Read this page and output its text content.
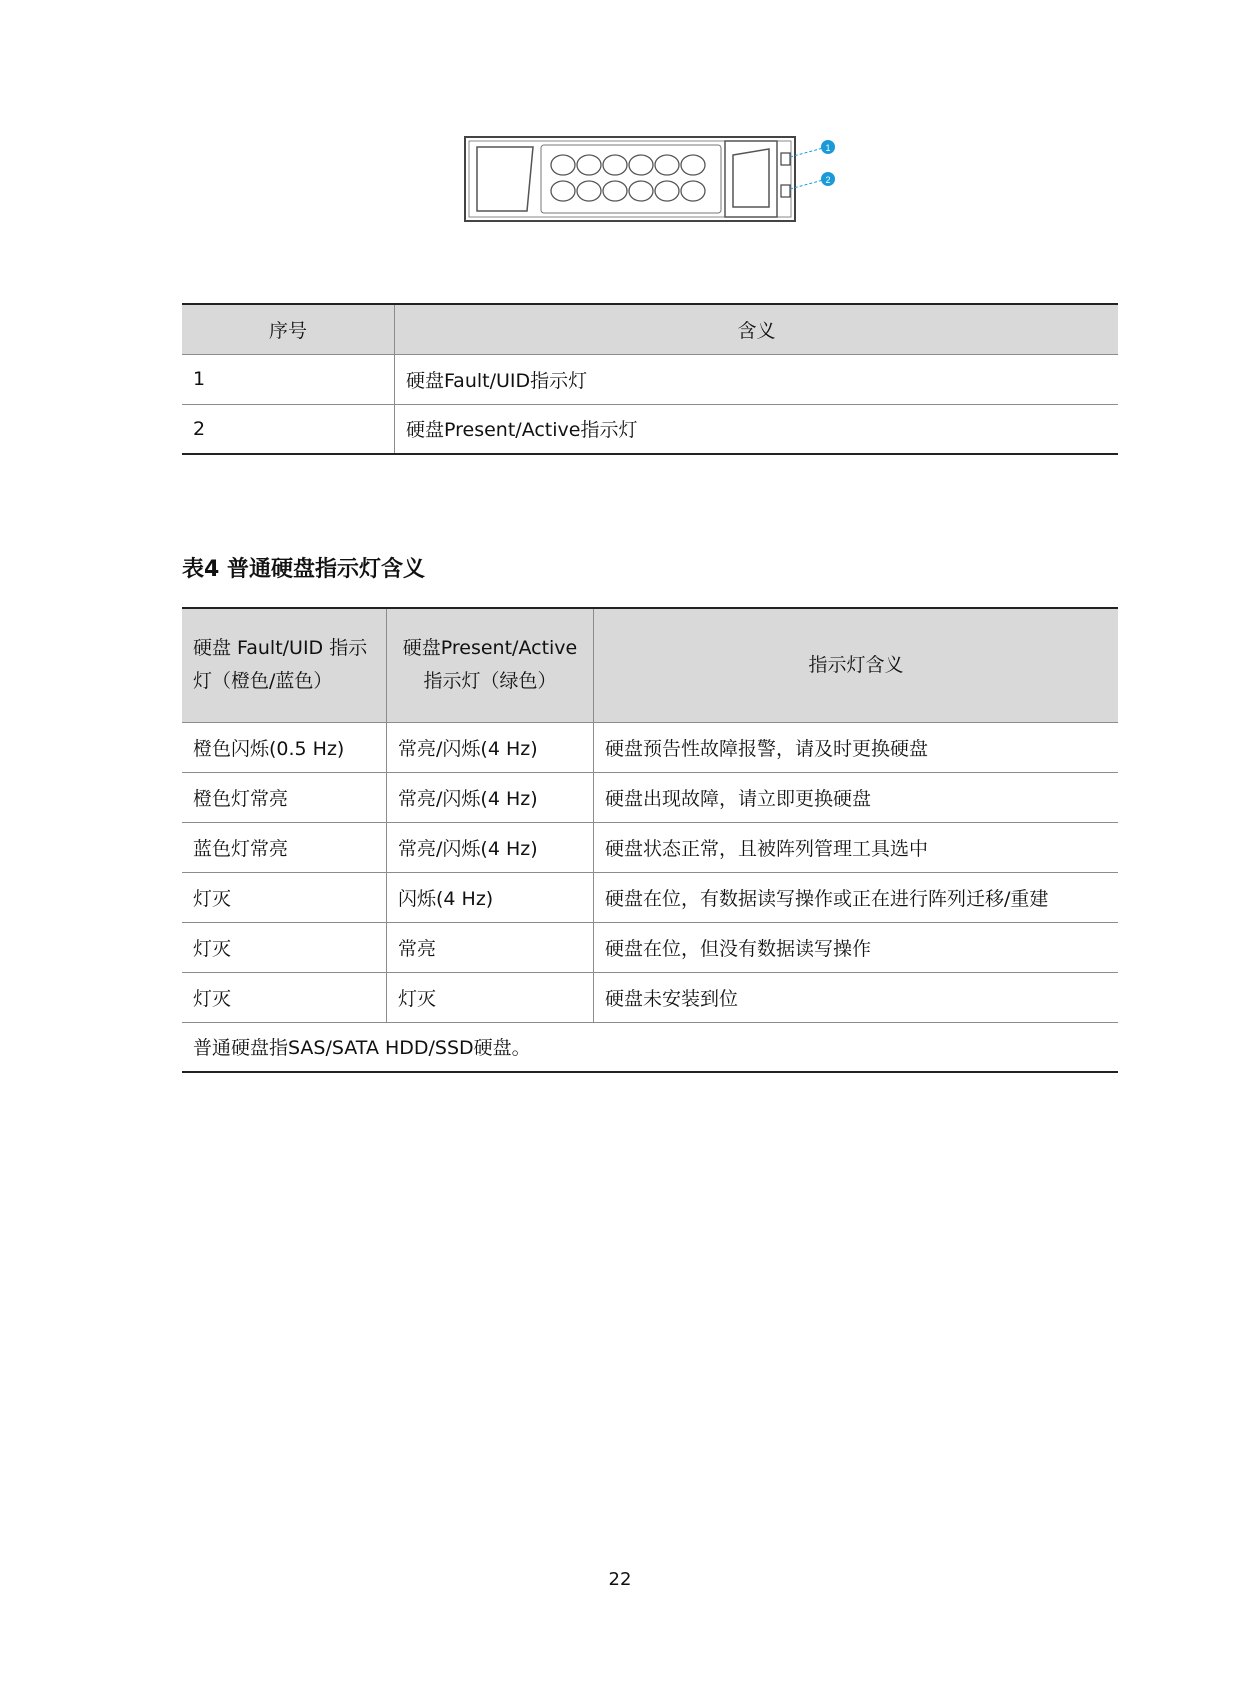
1
2
序号	含义
1	硬盘Fault/UID指示灯
2	硬盘Present/Active指示灯
表4 普通硬盘指示灯含义
硬盘 Fault/UID 指示灯（橙色/蓝色）	硬盘Present/Active 指示灯（绿色）	指示灯含义
橙色闪烁(0.5 Hz)	常亮/闪烁(4 Hz)	硬盘预告性故障报警，请及时更换硬盘
橙色灯常亮	常亮/闪烁(4 Hz)	硬盘出现故障，请立即更换硬盘
蓝色灯常亮	常亮/闪烁(4 Hz)	硬盘状态正常，且被阵列管理工具选中
灯灭	闪烁(4 Hz)	硬盘在位，有数据读写操作或正在进行阵列迁移/重建
灯灭	常亮	硬盘在位，但没有数据读写操作
灯灭	灯灭	硬盘未安装到位
普通硬盘指SAS/SATA HDD/SSD硬盘。		
22
